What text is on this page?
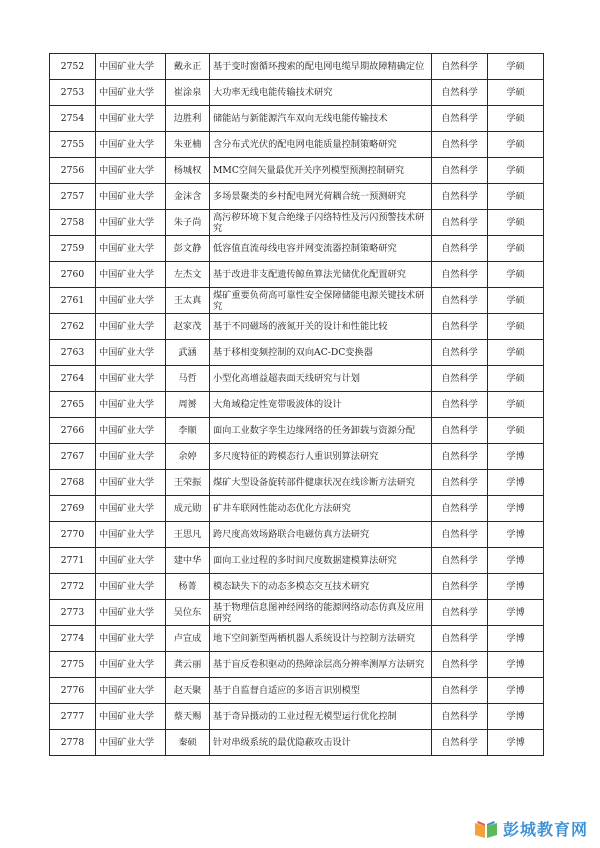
2752	中国矿业大学	戴永正	基于变时窗循环搜索的配电网电缆早期故障精确定位	自然科学	学硕
2753	中国矿业大学	崔涂泉	大功率无线电能传输技术研究	自然科学	学硕
2754	中国矿业大学	边胜利	储能站与新能源汽车双向无线电能传输技术	自然科学	学硕
2755	中国矿业大学	朱亚楠	含分布式光伏的配电网电能质量控制策略研究	自然科学	学硕
2756	中国矿业大学	杨城权	MMC空间矢量最优开关序列模型预测控制研究	自然科学	学硕
2757	中国矿业大学	金沫含	多场景聚类的乡村配电网光荷耦合统一预测研究	自然科学	学硕
2758	中国矿业大学	朱子尚	高污秽环境下复合绝缘子闪络特性及污闪预警技术研究	自然科学	学硕
2759	中国矿业大学	彭文静	低容值直流母线电容并网变流器控制策略研究	自然科学	学硕
2760	中国矿业大学	左杰文	基于改进非支配遗传鲸鱼算法光储优化配置研究	自然科学	学硕
2761	中国矿业大学	王太真	煤矿重要负荷高可靠性安全保障储能电源关键技术研究	自然科学	学硕
2762	中国矿业大学	赵家茂	基于不同磁场的液氮开关的设计和性能比较	自然科学	学硕
2763	中国矿业大学	武涵	基于移相变频控制的双向AC-DC变换器	自然科学	学硕
2764	中国矿业大学	马哲	小型化高增益超表面天线研究与计划	自然科学	学硕
2765	中国矿业大学	周赟	大角域稳定性宽带吸波体的设计	自然科学	学硕
2766	中国矿业大学	李顺	面向工业数字孪生边缘网络的任务卸载与资源分配	自然科学	学硕
2767	中国矿业大学	余婷	多尺度特征的跨模态行人重识别算法研究	自然科学	学博
2768	中国矿业大学	王荣振	煤矿大型设备旋转部件健康状况在线诊断方法研究	自然科学	学博
2769	中国矿业大学	成元勋	矿井车联网性能动态优化方法研究	自然科学	学博
2770	中国矿业大学	王思凡	跨尺度高效场路联合电磁仿真方法研究	自然科学	学博
2771	中国矿业大学	建中华	面向工业过程的多时间尺度数据建模算法研究	自然科学	学博
2772	中国矿业大学	杨菁	模态缺失下的动态多模态交互技术研究	自然科学	学博
2773	中国矿业大学	吴位东	基于物理信息图神经网络的能源网络动态仿真及应用研究	自然科学	学博
2774	中国矿业大学	卢宣成	地下空间新型两栖机器人系统设计与控制方法研究	自然科学	学博
2775	中国矿业大学	龚云丽	基于盲反卷积驱动的热障涂层高分辨率测厚方法研究	自然科学	学博
2776	中国矿业大学	赵天聚	基于自监督自适应的多语言识别模型	自然科学	学博
2777	中国矿业大学	蔡天赐	基于奇异摄动的工业过程无模型运行优化控制	自然科学	学博
2778	中国矿业大学	秦硕	针对串级系统的最优隐蔽攻击设计	自然科学	学博
彭城教育网
